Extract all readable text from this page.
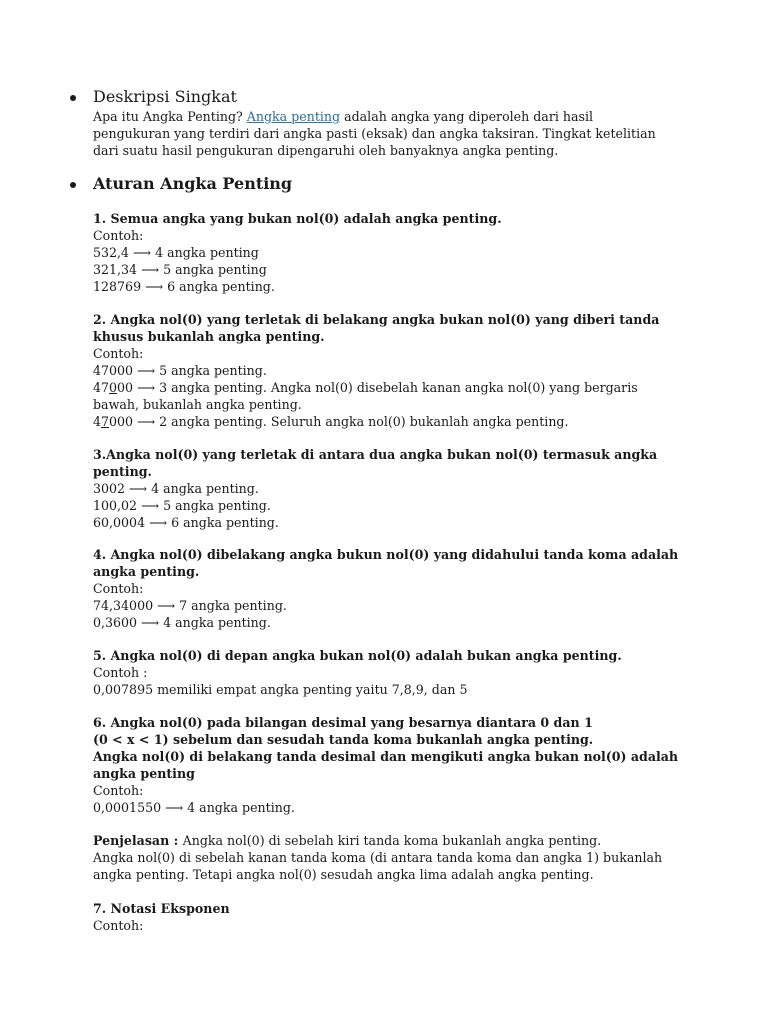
Deskripsi Singkat

Apa itu Angka Penting? Angka penting adalah angka yang diperoleh dari hasil pengukuran yang terdiri dari angka pasti (eksak) dan angka taksiran. Tingkat ketelitian dari suatu hasil pengukuran dipengaruhi oleh banyaknya angka penting.

Aturan Angka Penting
1. Semua angka yang bukan nol(0) adalah angka penting.
Contoh:
532,4 ⟶ 4 angka penting
321,34 ⟶ 5 angka penting
128769 ⟶ 6 angka penting.
2. Angka nol(0) yang terletak di belakang angka bukan nol(0) yang diberi tanda khusus bukanlah angka penting.
Contoh:
47000 ⟶ 5 angka penting.
47000 ⟶ 3 angka penting. Angka nol(0) disebelah kanan angka nol(0) yang bergaris bawah, bukanlah angka penting.
47000 ⟶ 2 angka penting. Seluruh angka nol(0) bukanlah angka penting.
3.Angka nol(0) yang terletak di antara dua angka bukan nol(0) termasuk angka penting.
3002 ⟶ 4 angka penting.
100,02 ⟶ 5 angka penting.
60,0004 ⟶ 6 angka penting.
4. Angka nol(0) dibelakang angka bukun nol(0) yang didahului tanda koma adalah angka penting.
Contoh:
74,34000 ⟶ 7 angka penting.
0,3600 ⟶ 4 angka penting.
5. Angka nol(0) di depan angka bukan nol(0) adalah bukan angka penting.
Contoh :
0,007895 memiliki empat angka penting yaitu 7,8,9, dan 5
6. Angka nol(0) pada bilangan desimal yang besarnya diantara 0 dan 1
(0 < x < 1) sebelum dan sesudah tanda koma bukanlah angka penting.
Angka nol(0) di belakang tanda desimal dan mengikuti angka bukan nol(0) adalah angka penting
Contoh:
0,0001550 ⟶ 4 angka penting.
Penjelasan : Angka nol(0) di sebelah kiri tanda koma bukanlah angka penting.
Angka nol(0) di sebelah kanan tanda koma (di antara tanda koma dan angka 1) bukanlah angka penting. Tetapi angka nol(0) sesudah angka lima adalah angka penting.
7. Notasi Eksponen
Contoh:
